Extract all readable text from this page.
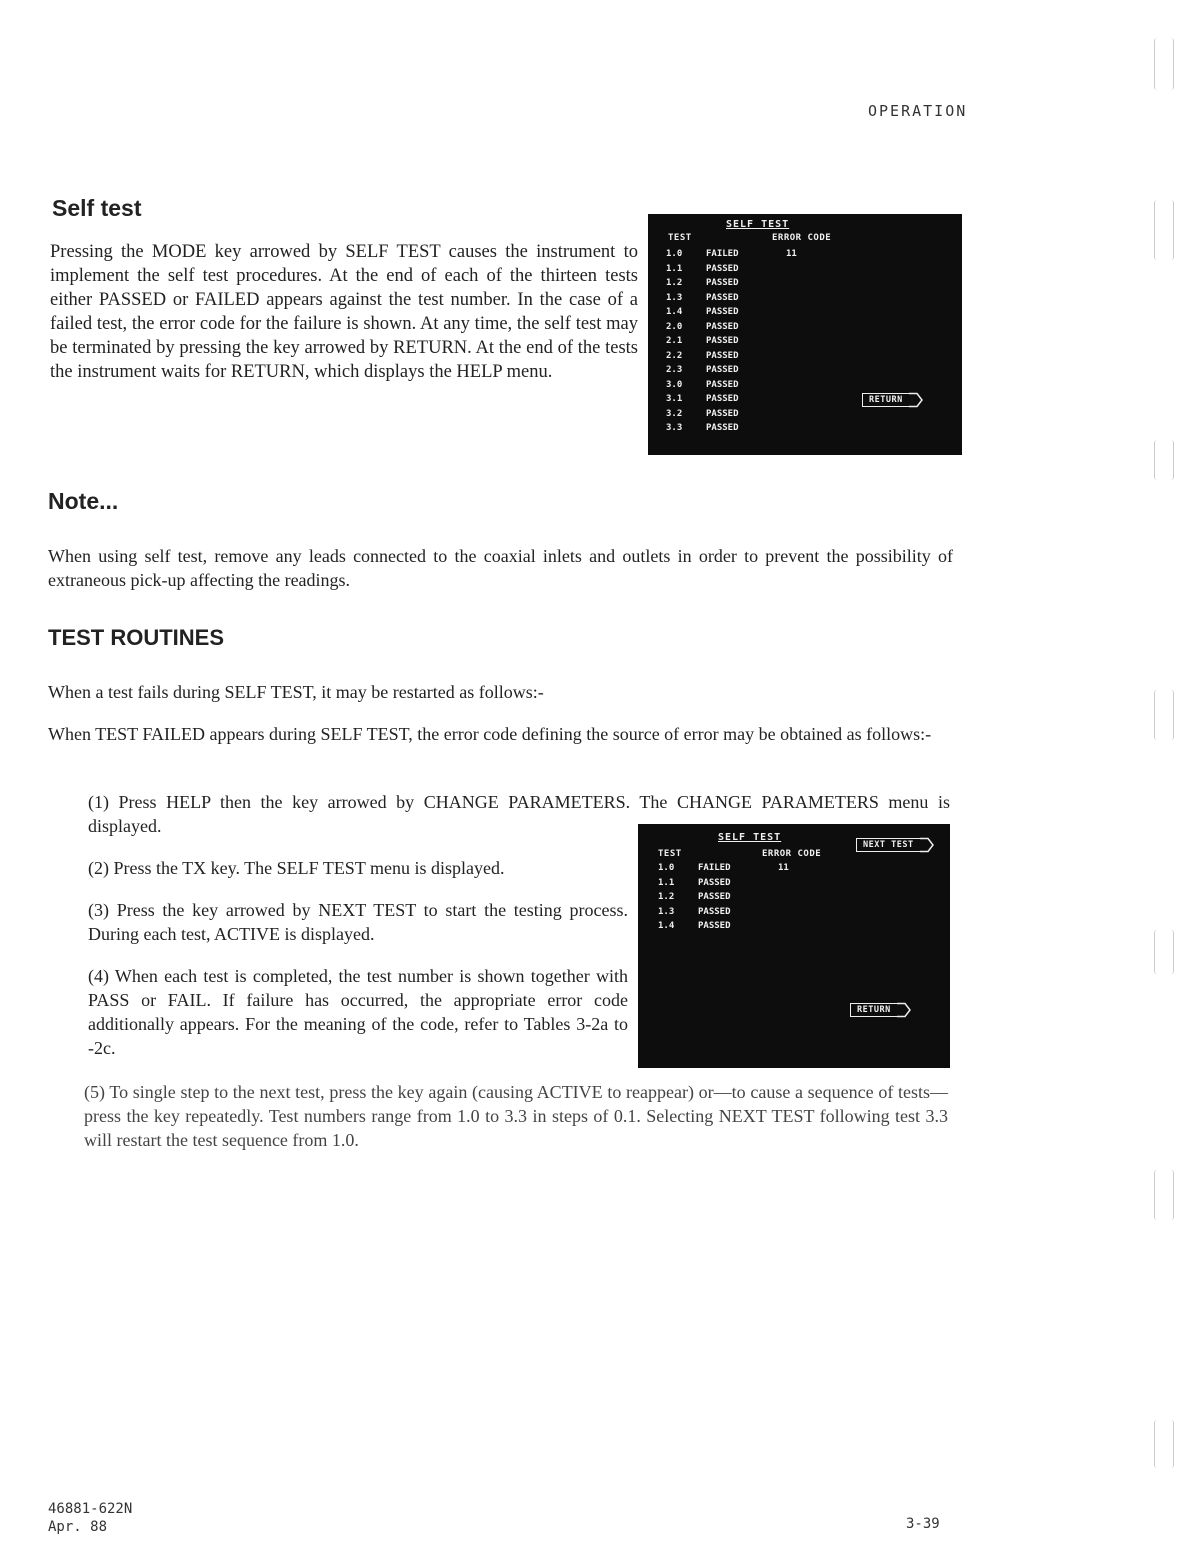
OPERATION
Self test

Pressing the MODE key arrowed by SELF TEST causes the instrument to implement the self test procedures. At the end of each of the thirteen tests either PASSED or FAILED appears against the test number. In the case of a failed test, the error code for the failure is shown. At any time, the self test may be terminated by pressing the key arrowed by RETURN. At the end of the tests the instrument waits for RETURN, which displays the HELP menu.

SELF TEST
TEST	ERROR CODE
1.0	FAILED	11
1.1	PASSED
1.2	PASSED
1.3	PASSED
1.4	PASSED
2.0	PASSED
2.1	PASSED
2.2	PASSED
2.3	PASSED
3.0	PASSED
3.1	PASSED
3.2	PASSED
3.3	PASSED
RETURN
Note...

When using self test, remove any leads connected to the coaxial inlets and outlets in order to prevent the possibility of extraneous pick-up affecting the readings.

TEST ROUTINES

When a test fails during SELF TEST, it may be restarted as follows:-

When TEST FAILED appears during SELF TEST, the error code defining the source of error may be obtained as follows:-

(1) Press HELP then the key arrowed by CHANGE PARAMETERS. The CHANGE PARAMETERS menu is displayed.

(2) Press the TX key. The SELF TEST menu is displayed.

(3) Press the key arrowed by NEXT TEST to start the testing process. During each test, ACTIVE is displayed.

(4) When each test is completed, the test number is shown together with PASS or FAIL. If failure has occurred, the appropriate error code additionally appears. For the meaning of the code, refer to Tables 3-2a to -2c.

SELF TEST
TEST	ERROR CODE
1.0	FAILED	11
1.1	PASSED
1.2	PASSED
1.3	PASSED
1.4	PASSED
NEXT TEST
RETURN

(5) To single step to the next test, press the key again (causing ACTIVE to reappear) or—to cause a sequence of tests—press the key repeatedly. Test numbers range from 1.0 to 3.3 in steps of 0.1. Selecting NEXT TEST following test 3.3 will restart the test sequence from 1.0.

46881-622N
Apr. 88	3-39
